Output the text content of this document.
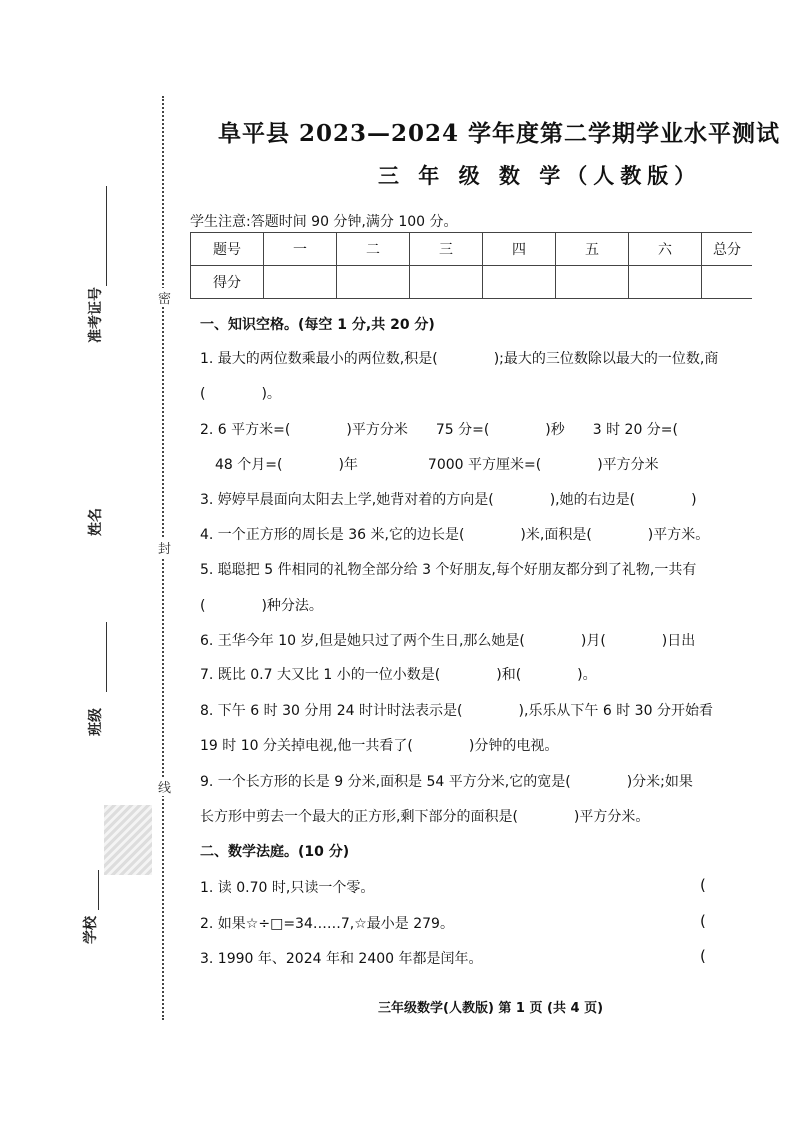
准考证号
姓名
班级
学校
密
封
线
阜平县 2023—2024 学年度第二学期学业水平测试
三 年 级 数 学（人教版）
学生注意:答题时间 90 分钟,满分 100 分。
题号	一	二	三	四	五	六	总分
得分							
一、知识空格。(每空 1 分,共 20 分)
1. 最大的两位数乘最小的两位数,积是(　　　　);最大的三位数除以最大的一位数,商
(　　　　)。
2. 6 平方米=(　　　　)平方分米　　75 分=(　　　　)秒　　3 时 20 分=(
48 个月=(　　　　)年　　　　　7000 平方厘米=(　　　　)平方分米
3. 婷婷早晨面向太阳去上学,她背对着的方向是(　　　　),她的右边是(　　　　)
4. 一个正方形的周长是 36 米,它的边长是(　　　　)米,面积是(　　　　)平方米。
5. 聪聪把 5 件相同的礼物全部分给 3 个好朋友,每个好朋友都分到了礼物,一共有
(　　　　)种分法。
6. 王华今年 10 岁,但是她只过了两个生日,那么她是(　　　　)月(　　　　)日出
7. 既比 0.7 大又比 1 小的一位小数是(　　　　)和(　　　　)。
8. 下午 6 时 30 分用 24 时计时法表示是(　　　　),乐乐从下午 6 时 30 分开始看
19 时 10 分关掉电视,他一共看了(　　　　)分钟的电视。
9. 一个长方形的长是 9 分米,面积是 54 平方分米,它的宽是(　　　　)分米;如果
长方形中剪去一个最大的正方形,剩下部分的面积是(　　　　)平方分米。
二、数学法庭。(10 分)
1. 读 0.70 时,只读一个零。	(
2. 如果☆÷□=34……7,☆最小是 279。	(
3. 1990 年、2024 年和 2400 年都是闰年。	(
三年级数学(人教版) 第 1 页 (共 4 页)
